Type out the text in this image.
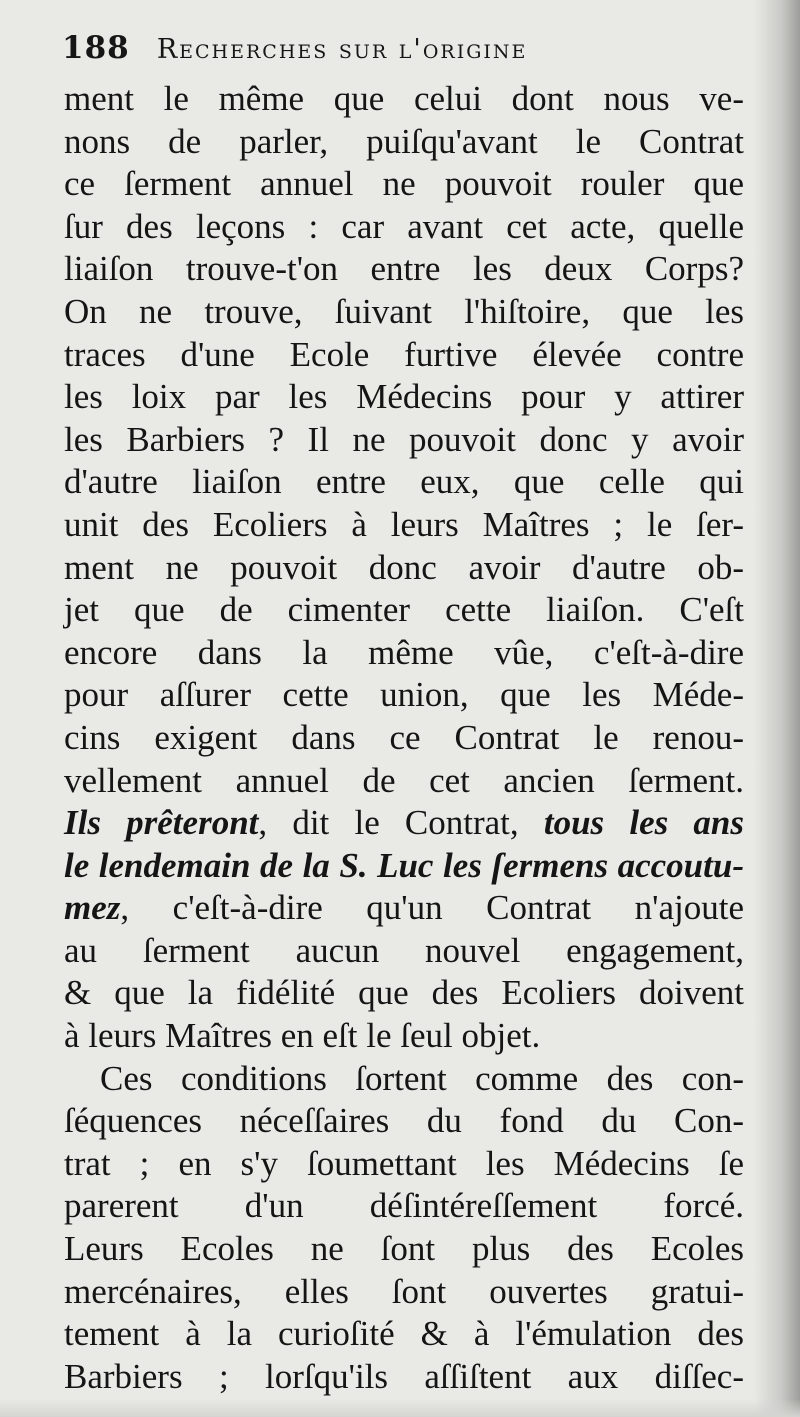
188 Recherches sur l'origine
ment le même que celui dont nous ve-
nons de parler, puiſqu'avant le Contrat
ce ſerment annuel ne pouvoit rouler que
ſur des leçons : car avant cet acte, quelle
liaiſon trouve-t'on entre les deux Corps?
On ne trouve, ſuivant l'hiſtoire, que les
traces d'une Ecole furtive élevée contre
les loix par les Médecins pour y attirer
les Barbiers ? Il ne pouvoit donc y avoir
d'autre liaiſon entre eux, que celle qui
unit des Ecoliers à leurs Maîtres ; le ſer-
ment ne pouvoit donc avoir d'autre ob-
jet que de cimenter cette liaiſon. C'eſt
encore dans la même vûe, c'eſt-à-dire
pour aſſurer cette union, que les Méde-
cins exigent dans ce Contrat le renou-
vellement annuel de cet ancien ſerment.
Ils prêteront, dit le Contrat, tous les ans
le lendemain de la S. Luc les ſermens accoutu-
mez, c'eſt-à-dire qu'un Contrat n'ajoute
au ſerment aucun nouvel engagement,
& que la fidélité que des Ecoliers doivent
à leurs Maîtres en eſt le ſeul objet.
Ces conditions ſortent comme des con-
ſéquences néceſſaires du fond du Con-
trat ; en s'y ſoumettant les Médecins ſe
parerent d'un déſintéreſſement forcé.
Leurs Ecoles ne ſont plus des Ecoles
mercénaires, elles ſont ouvertes gratui-
tement à la curioſité & à l'émulation des
Barbiers ; lorſqu'ils aſſiſtent aux diſſec-
